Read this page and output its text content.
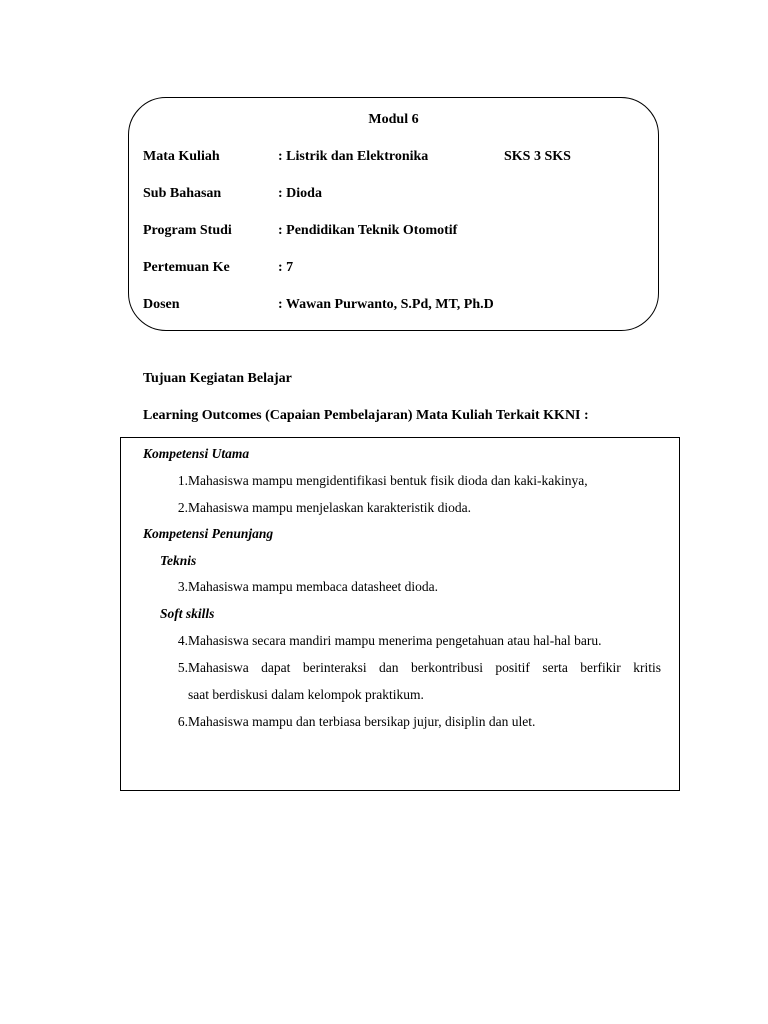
Modul 6
Mata Kuliah	: Listrik dan Elektronika	SKS 3 SKS
Sub Bahasan	: Dioda
Program Studi	: Pendidikan Teknik Otomotif
Pertemuan Ke	: 7
Dosen	: Wawan Purwanto, S.Pd, MT, Ph.D
Tujuan Kegiatan Belajar
Learning Outcomes (Capaian Pembelajaran) Mata Kuliah Terkait KKNI :
Kompetensi Utama
1. Mahasiswa mampu mengidentifikasi bentuk fisik dioda dan kaki-kakinya,
2. Mahasiswa mampu menjelaskan karakteristik dioda.
Kompetensi Penunjang
Teknis
3. Mahasiswa mampu membaca datasheet dioda.
Soft skills
4. Mahasiswa secara mandiri mampu menerima pengetahuan atau hal-hal baru.
5. Mahasiswa dapat berinteraksi dan berkontribusi positif serta berfikir kritis
saat berdiskusi dalam kelompok praktikum.
6. Mahasiswa mampu dan terbiasa bersikap jujur, disiplin dan ulet.
